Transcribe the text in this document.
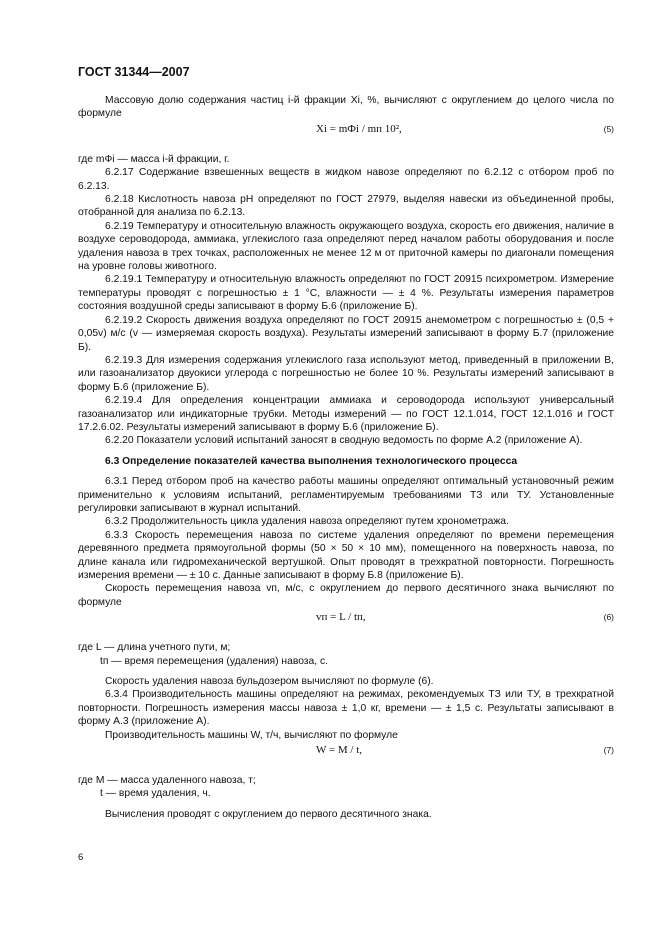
ГОСТ 31344—2007

Массовую долю содержания частиц i-й фракции Xi, %, вычисляют с округлением до целого числа по формуле

Xi = mФi / mп 10²,	(5)

где mФi — масса i-й фракции, г.

6.2.17 Содержание взвешенных веществ в жидком навозе определяют по 6.2.12 с отбором проб по 6.2.13.

6.2.18 Кислотность навоза pH определяют по ГОСТ 27979, выделяя навески из объединенной пробы, отобранной для анализа по 6.2.13.

6.2.19 Температуру и относительную влажность окружающего воздуха, скорость его движения, наличие в воздухе сероводорода, аммиака, углекислого газа определяют перед началом работы оборудования и после удаления навоза в трех точках, расположенных не менее 12 м от приточной камеры по диагонали помещения на уровне головы животного.

6.2.19.1 Температуру и относительную влажность определяют по ГОСТ 20915 психрометром. Измерение температуры проводят с погрешностью ± 1 °С, влажности — ± 4 %. Результаты измерения параметров состояния воздушной среды записывают в форму Б.6 (приложение Б).

6.2.19.2 Скорость движения воздуха определяют по ГОСТ 20915 анемометром с погрешностью ± (0,5 + 0,05v) м/с (v — измеряемая скорость воздуха). Результаты измерений записывают в форму Б.7 (приложение Б).

6.2.19.3 Для измерения содержания углекислого газа используют метод, приведенный в приложении В, или газоанализатор двуокиси углерода с погрешностью не более 10 %. Результаты измерений записывают в форму Б.6 (приложение Б).

6.2.19.4 Для определения концентрации аммиака и сероводорода используют универсальный газоанализатор или индикаторные трубки. Методы измерений — по ГОСТ 12.1.014, ГОСТ 12.1.016 и ГОСТ 17.2.6.02. Результаты измерений записывают в форму Б.6 (приложение Б).

6.2.20 Показатели условий испытаний заносят в сводную ведомость по форме А.2 (приложение А).

6.3 Определение показателей качества выполнения технологического процесса

6.3.1 Перед отбором проб на качество работы машины определяют оптимальный установочный режим применительно к условиям испытаний, регламентируемым требованиями ТЗ или ТУ. Установленные регулировки записывают в журнал испытаний.

6.3.2 Продолжительность цикла удаления навоза определяют путем хронометража.

6.3.3 Скорость перемещения навоза по системе удаления определяют по времени перемещения деревянного предмета прямоугольной формы (50 × 50 × 10 мм), помещенного на поверхность навоза, по длине канала или гидромеханической вертушкой. Опыт проводят в трехкратной повторности. Погрешность измерения времени — ± 10 с. Данные записывают в форму Б.8 (приложение Б).

Скорость перемещения навоза vп, м/с, с округлением до первого десятичного знака вычисляют по формуле

vп = L / tп,	(6)

где L — длина учетного пути, м;

tп — время перемещения (удаления) навоза, с.

Скорость удаления навоза бульдозером вычисляют по формуле (6).

6.3.4 Производительность машины определяют на режимах, рекомендуемых ТЗ или ТУ, в трехкратной повторности. Погрешность измерения массы навоза ± 1,0 кг, времени — ± 1,5 с. Результаты записывают в форму А.3 (приложение А).

Производительность машины W, т/ч, вычисляют по формуле

W = M / t,	(7)

где M — масса удаленного навоза, т;

t — время удаления, ч.

Вычисления проводят с округлением до первого десятичного знака.

6
